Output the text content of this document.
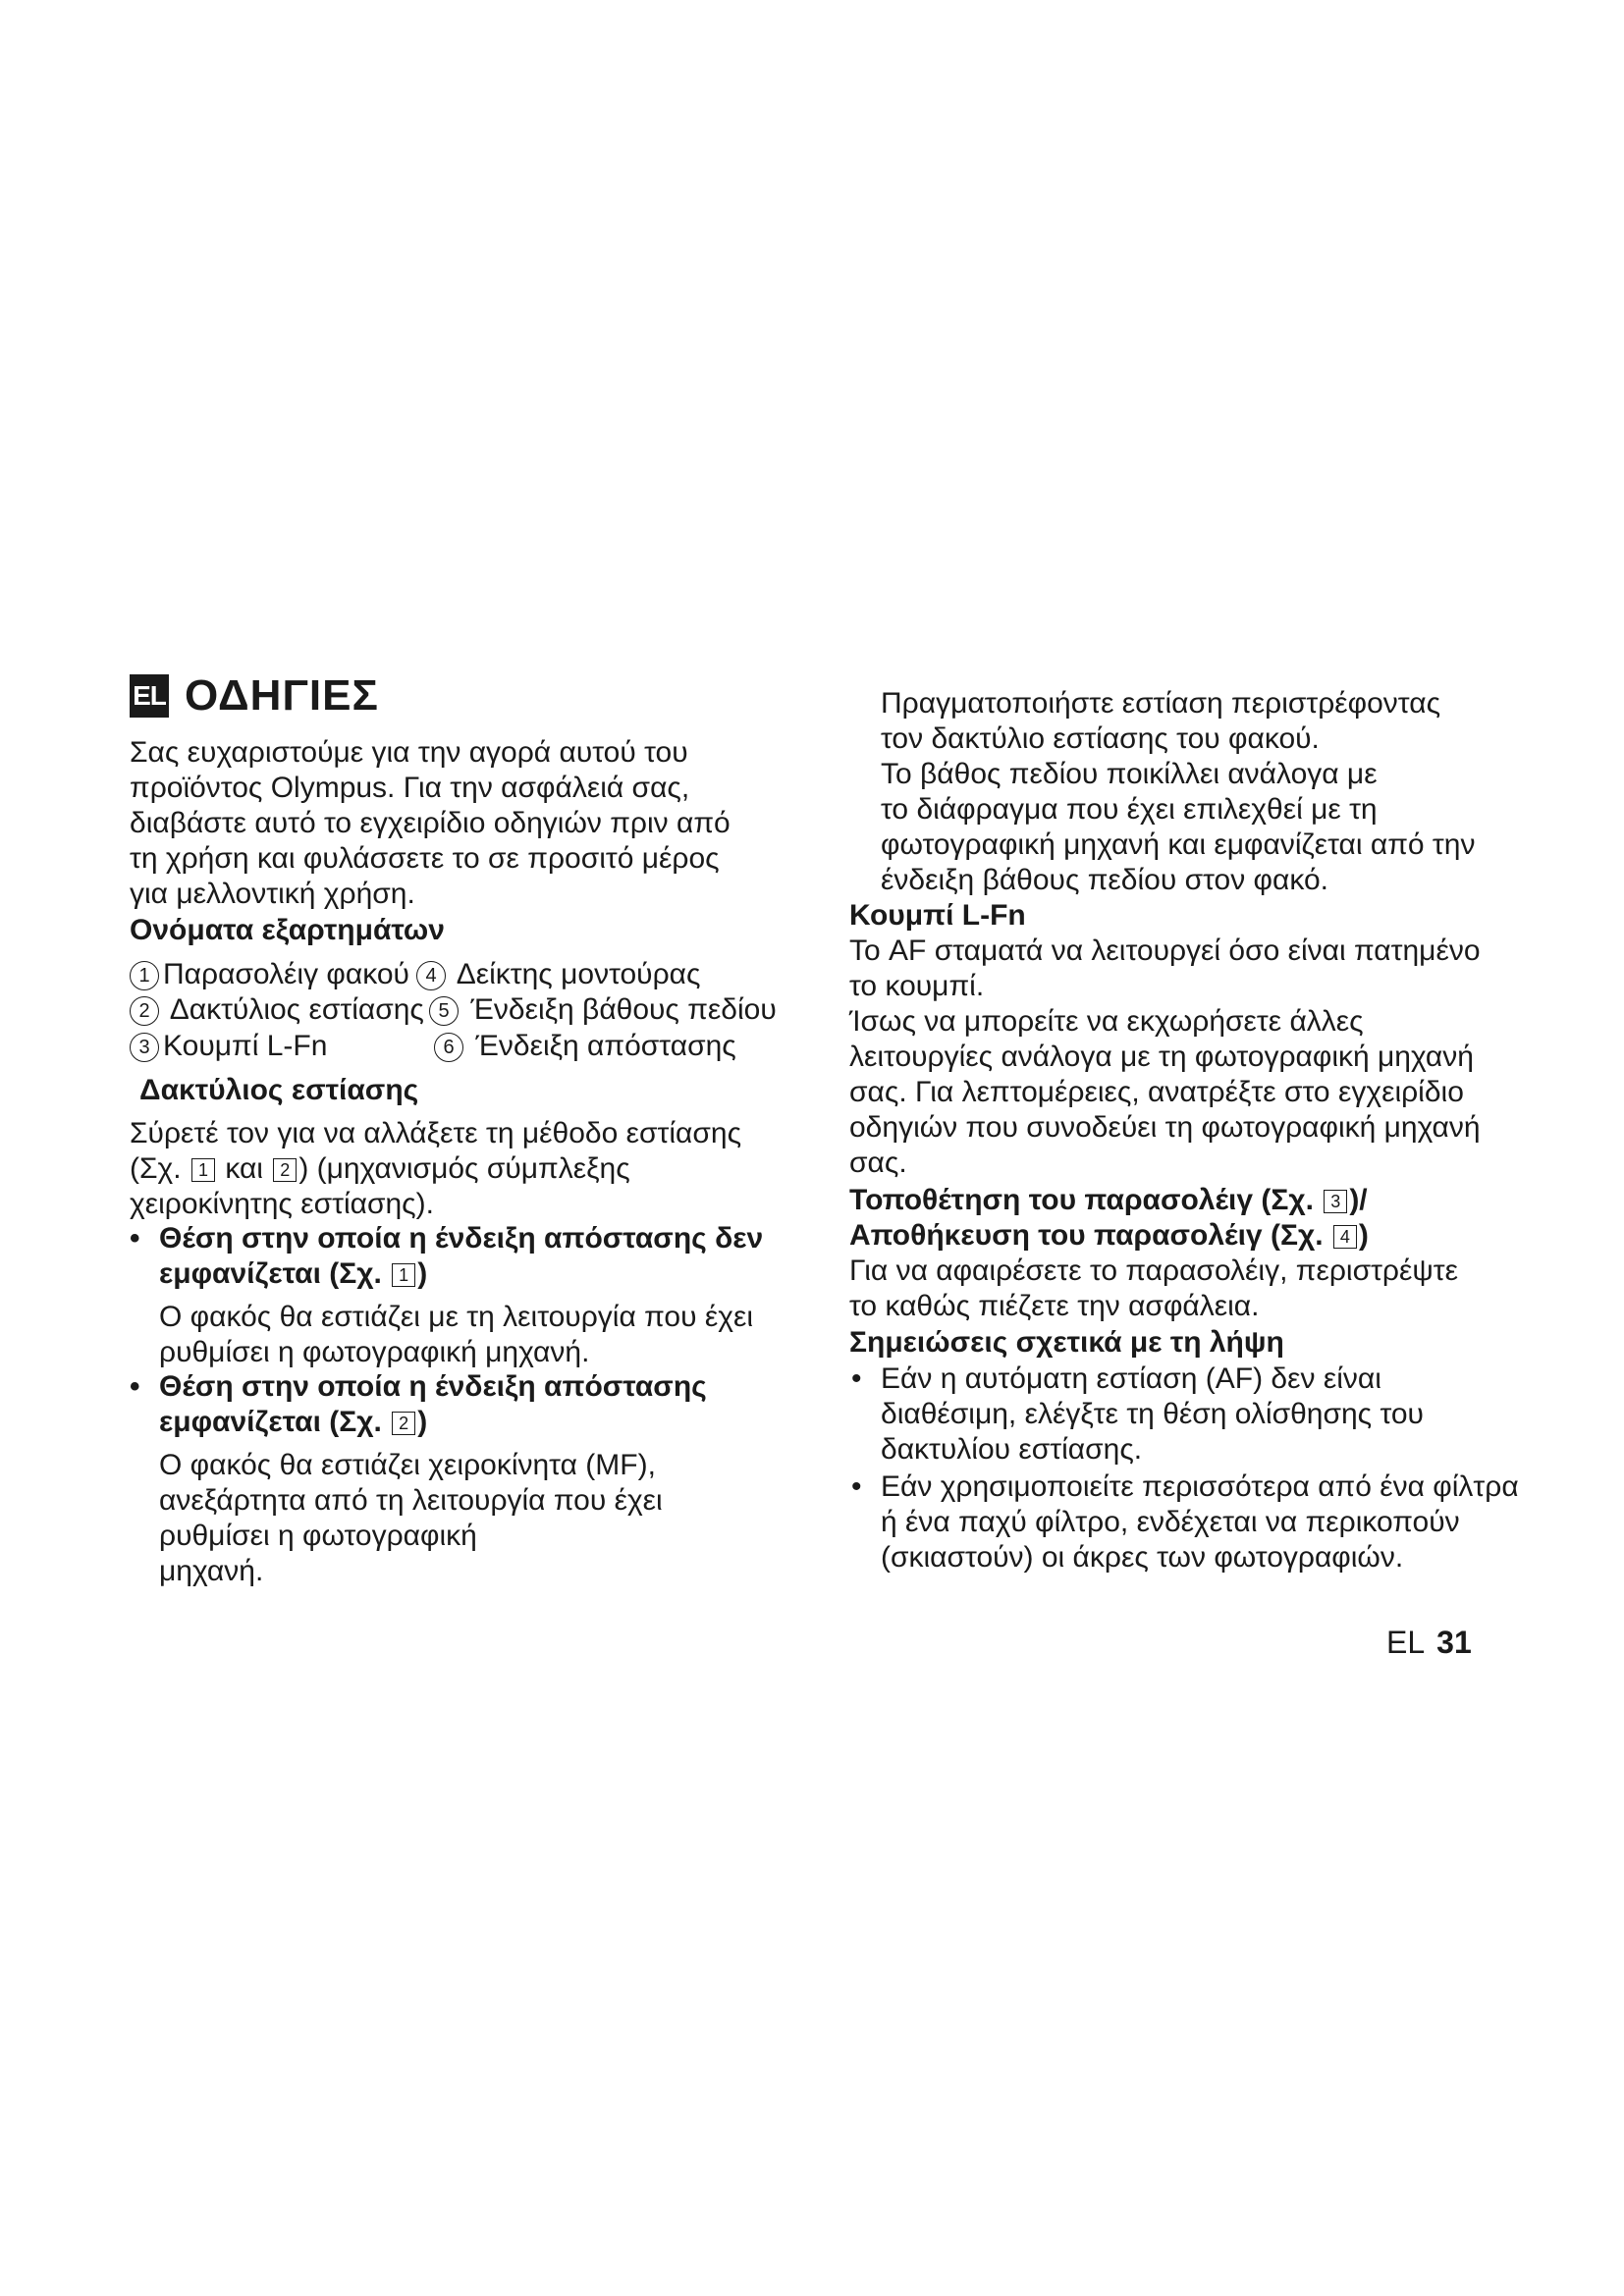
EL ΟΔΗΓΙΕΣ
Σας ευχαριστούμε για την αγορά αυτού του
προϊόντος Olympus. Για την ασφάλειά σας,
διαβάστε αυτό το εγχειρίδιο οδηγιών πριν από
τη χρήση και φυλάσσετε το σε προσιτό μέρος
για μελλοντική χρήση.
Ονόματα εξαρτημάτων
1 Παρασολέιγ φακού 4 Δείκτης μοντούρας
2 Δακτύλιος εστίασης 5 Ένδειξη βάθους πεδίου
3 Κουμπί L-Fn	6 Ένδειξη απόστασης
Δακτύλιος εστίασης
Σύρετέ τον για να αλλάξετε τη μέθοδο εστίασης
(Σχ. 1 και 2 ) (μηχανισμός σύμπλεξης
χειροκίνητης εστίασης).
• Θέση στην οποία η ένδειξη απόστασης δεν
εμφανίζεται (Σχ. 1 )
Ο φακός θα εστιάζει με τη λειτουργία που έχει
ρυθμίσει η φωτογραφική μηχανή.
• Θέση στην οποία η ένδειξη απόστασης
εμφανίζεται (Σχ. 2 )
Ο φακός θα εστιάζει χειροκίνητα (MF),
ανεξάρτητα από τη λειτουργία που έχει
ρυθμίσει η φωτογραφική
μηχανή.
Πραγματοποιήστε εστίαση περιστρέφοντας
τον δακτύλιο εστίασης του φακού.
Το βάθος πεδίου ποικίλλει ανάλογα με
το διάφραγμα που έχει επιλεχθεί με τη
φωτογραφική μηχανή και εμφανίζεται από την
ένδειξη βάθους πεδίου στον φακό.
Κουμπί L-Fn
Το AF σταματά να λειτουργεί όσο είναι πατημένο
το κουμπί.
Ίσως να μπορείτε να εκχωρήσετε άλλες
λειτουργίες ανάλογα με τη φωτογραφική μηχανή
σας. Για λεπτομέρειες, ανατρέξτε στο εγχειρίδιο
οδηγιών που συνοδεύει τη φωτογραφική μηχανή
σας.
Τοποθέτηση του παρασολέιγ (Σχ. 3 )/
Αποθήκευση του παρασολέιγ (Σχ. 4 )
Για να αφαιρέσετε το παρασολέιγ, περιστρέψτε
το καθώς πιέζετε την ασφάλεια.
Σημειώσεις σχετικά με τη λήψη
• Εάν η αυτόματη εστίαση (AF) δεν είναι
διαθέσιμη, ελέγξτε τη θέση ολίσθησης του
δακτυλίου εστίασης.
• Εάν χρησιμοποιείτε περισσότερα από ένα φίλτρα
ή ένα παχύ φίλτρο, ενδέχεται να περικοπούν
(σκιαστούν) οι άκρες των φωτογραφιών.
EL 31
